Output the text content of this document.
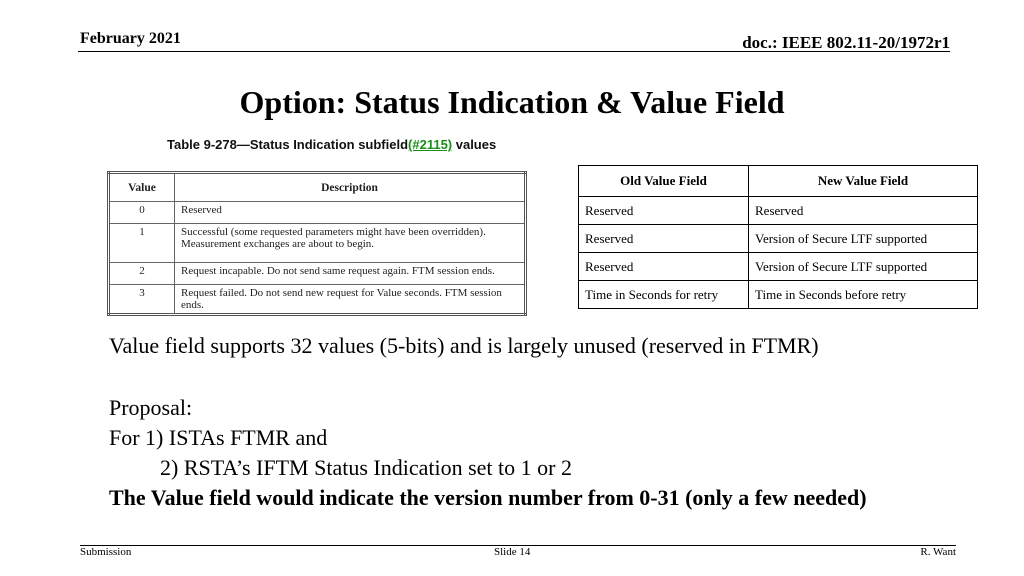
February 2021	doc.: IEEE 802.11-20/1972r1
Option: Status Indication & Value Field
Table 9-278—Status Indication subfield(#2115) values
Value	Description
0	Reserved
1	Successful (some requested parameters might have been overridden). Measurement exchanges are about to begin.
2	Request incapable. Do not send same request again. FTM session ends.
3	Request failed. Do not send new request for Value seconds. FTM session ends.
Old Value Field	New Value Field
Reserved	Reserved
Reserved	Version of Secure LTF supported
Reserved	Version of Secure LTF supported
Time in Seconds for retry	Time in Seconds before retry
Value field supports 32 values (5-bits) and is largely unused (reserved in FTMR)
Proposal:
For 1) ISTAs FTMR and
2) RSTA’s IFTM Status Indication set to 1 or 2
The Value field would indicate the version number from 0-31 (only a few needed)
Submission	Slide 14	R. Want
